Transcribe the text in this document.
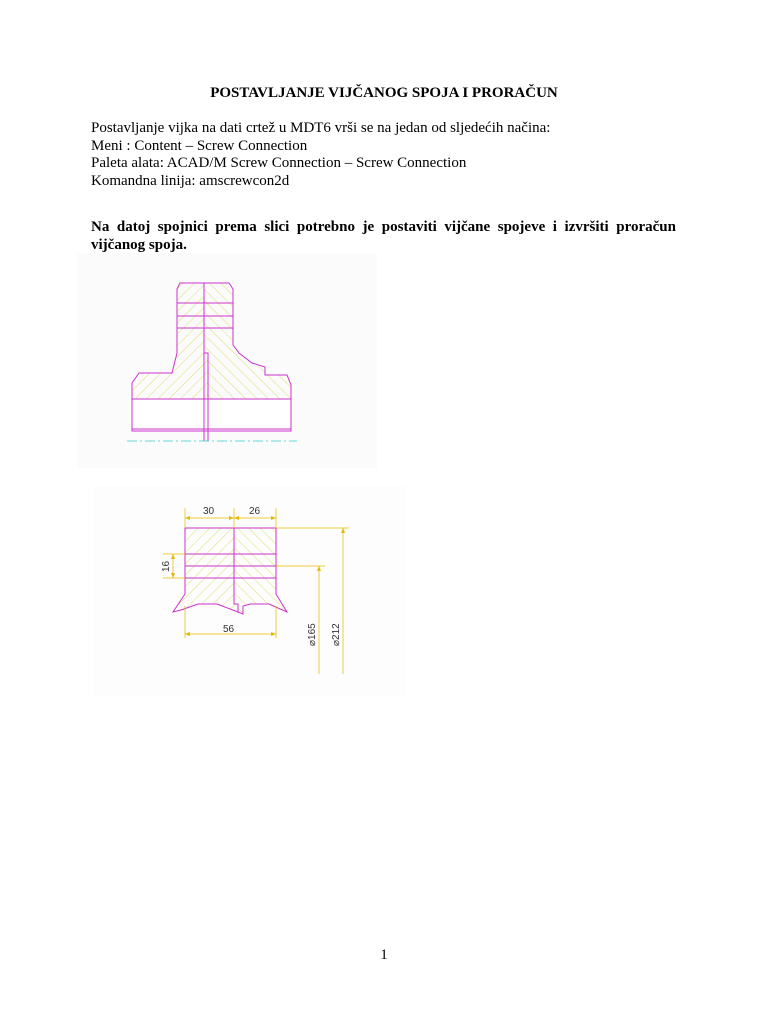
POSTAVLJANJE VIJČANOG SPOJA I PRORAČUN
Postavljanje vijka na dati crtež u MDT6 vrši se na jedan od sljedećih načina:
Meni : Content – Screw Connection
Paleta alata: ACAD/M Screw Connection – Screw Connection
Komandna linija: amscrewcon2d

Na datoj spojnici prema slici potrebno je postaviti vijčane spojeve i izvršiti proračun vijčanog spoja.

30	26
16
56	⌀165 ⌀212
1
